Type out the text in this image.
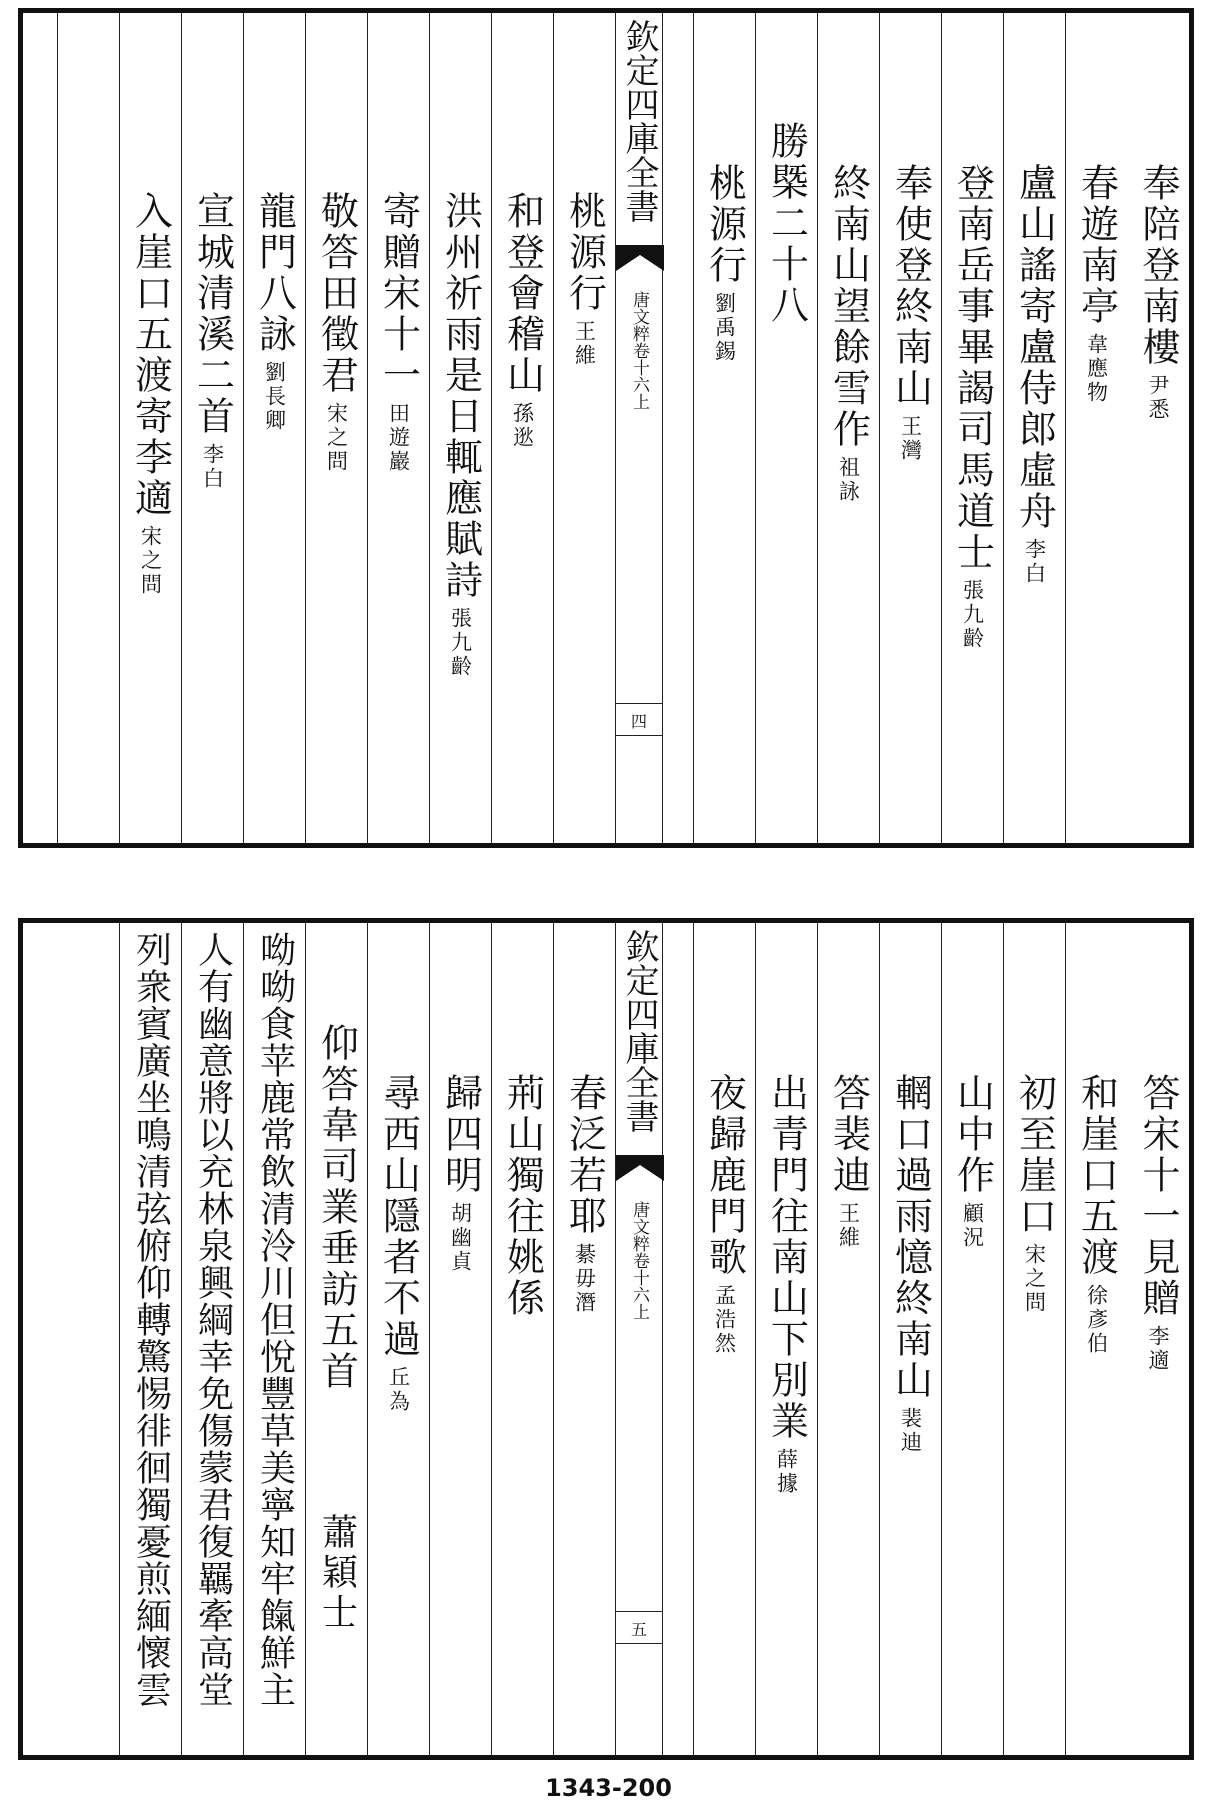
奉陪登南樓尹悉
春遊南亭韋應物
盧山謠寄盧侍郎虛舟李白
登南岳事畢謁司馬道士張九齡
奉使登終南山王灣
終南山望餘雪作祖詠
勝槩二十八
桃源行劉禹錫
欽定四庫全書
唐文粹卷十六上
四
桃源行王維
和登會稽山孫逖
洪州祈雨是日輒應賦詩張九齡
寄贈宋十一田遊巖
敬答田徵君宋之問
龍門八詠劉長卿
宣城清溪二首李白
入崖口五渡寄李適宋之問
答宋十一見贈李適
和崖口五渡徐彥伯
初至崖口宋之問
山中作顧況
輞口過雨憶終南山裴迪
答裴迪王維
出青門往南山下別業薛據
夜歸鹿門歌孟浩然
欽定四庫全書
唐文粹卷十六上
五
春泛若耶綦毋潛
荊山獨往姚係
歸四明胡幽貞
尋西山隱者不過丘為
仰答韋司業垂訪五首
蕭穎士
呦呦食苹鹿常飲清泠川但悅豐草美寧知牢餼鮮主
人有幽意將以充林泉興綱幸免傷蒙君復羈牽高堂
列衆賓廣坐鳴清弦俯仰轉驚惕徘徊獨憂煎緬懷雲
1343-200
